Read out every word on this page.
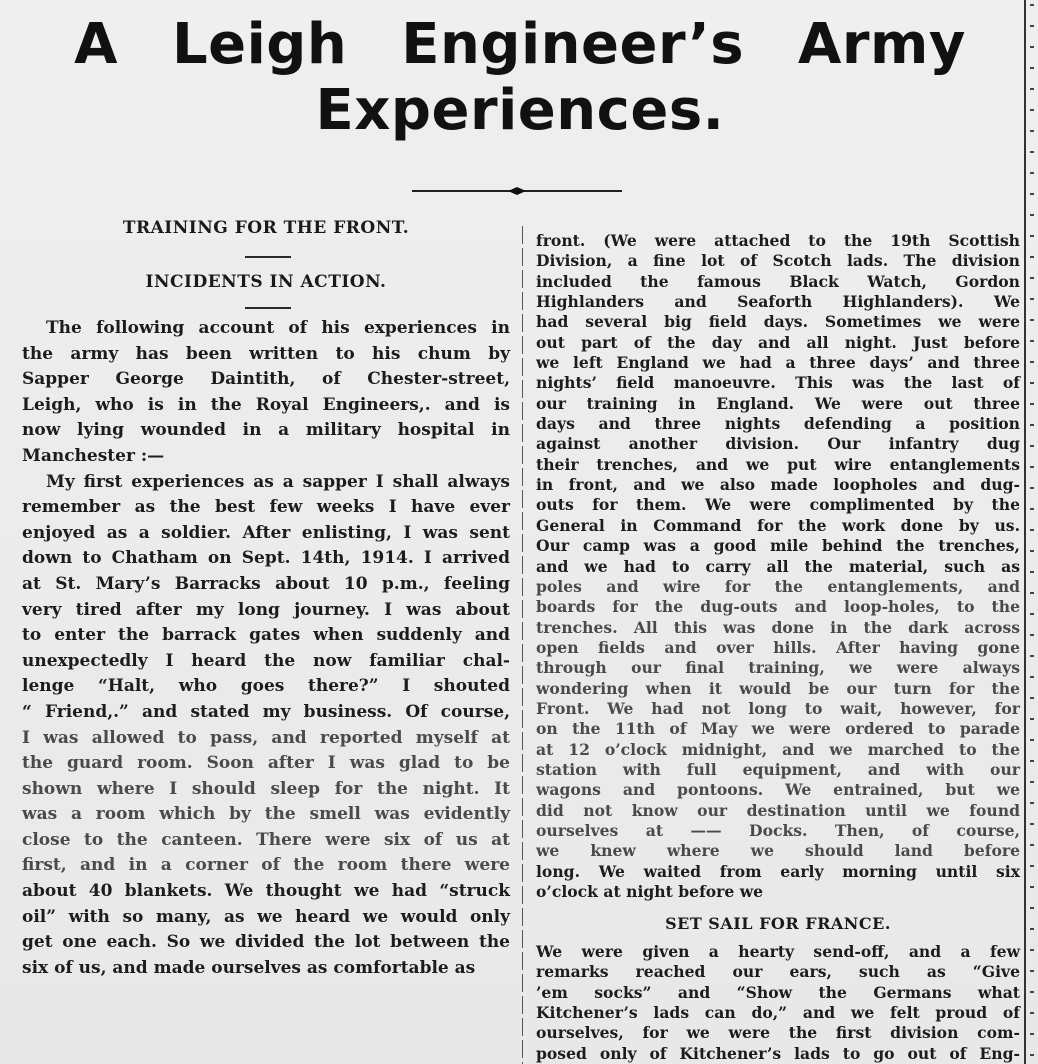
A Leigh Engineer’s Army
Experiences.
TRAINING FOR THE FRONT.
INCIDENTS IN ACTION.
The following account of his experiences in
the army has been written to his chum by
Sapper George Daintith, of Chester-street,
Leigh, who is in the Royal Engineers,. and is
now lying wounded in a military hospital in
Manchester :—
My first experiences as a sapper I shall always
remember as the best few weeks I have ever
enjoyed as a soldier. After enlisting, I was sent
down to Chatham on Sept. 14th, 1914. I arrived
at St. Mary’s Barracks about 10 p.m., feeling
very tired after my long journey. I was about
to enter the barrack gates when suddenly and
unexpectedly I heard the now familiar chal-
lenge “Halt, who goes there?” I shouted
“ Friend,.” and stated my business. Of course,
I was allowed to pass, and reported myself at
the guard room. Soon after I was glad to be
shown where I should sleep for the night. It
was a room which by the smell was evidently
close to the canteen. There were six of us at
first, and in a corner of the room there were
about 40 blankets. We thought we had “struck
oil” with so many, as we heard we would only
get one each. So we divided the lot between the
six of us, and made ourselves as comfortable as
front. (We were attached to the 19th Scottish
Division, a fine lot of Scotch lads. The division
included the famous Black Watch, Gordon
Highlanders and Seaforth Highlanders). We
had several big field days. Sometimes we were
out part of the day and all night. Just before
we left England we had a three days’ and three
nights’ field manoeuvre. This was the last of
our training in England. We were out three
days and three nights defending a position
against another division. Our infantry dug
their trenches, and we put wire entanglements
in front, and we also made loopholes and dug-
outs for them. We were complimented by the
General in Command for the work done by us.
Our camp was a good mile behind the trenches,
and we had to carry all the material, such as
poles and wire for the entanglements, and
boards for the dug-outs and loop-holes, to the
trenches. All this was done in the dark across
open fields and over hills. After having gone
through our final training, we were always
wondering when it would be our turn for the
Front. We had not long to wait, however, for
on the 11th of May we were ordered to parade
at 12 o’clock midnight, and we marched to the
station with full equipment, and with our
wagons and pontoons. We entrained, but we
did not know our destination until we found
ourselves at —— Docks. Then, of course,
we knew where we should land before
long. We waited from early morning until six
o’clock at night before we
SET SAIL FOR FRANCE.
We were given a hearty send-off, and a few
remarks reached our ears, such as “Give
’em socks” and “Show the Germans what
Kitchener’s lads can do,” and we felt proud of
ourselves, for we were the first division com-
posed only of Kitchener’s lads to go out of Eng-
